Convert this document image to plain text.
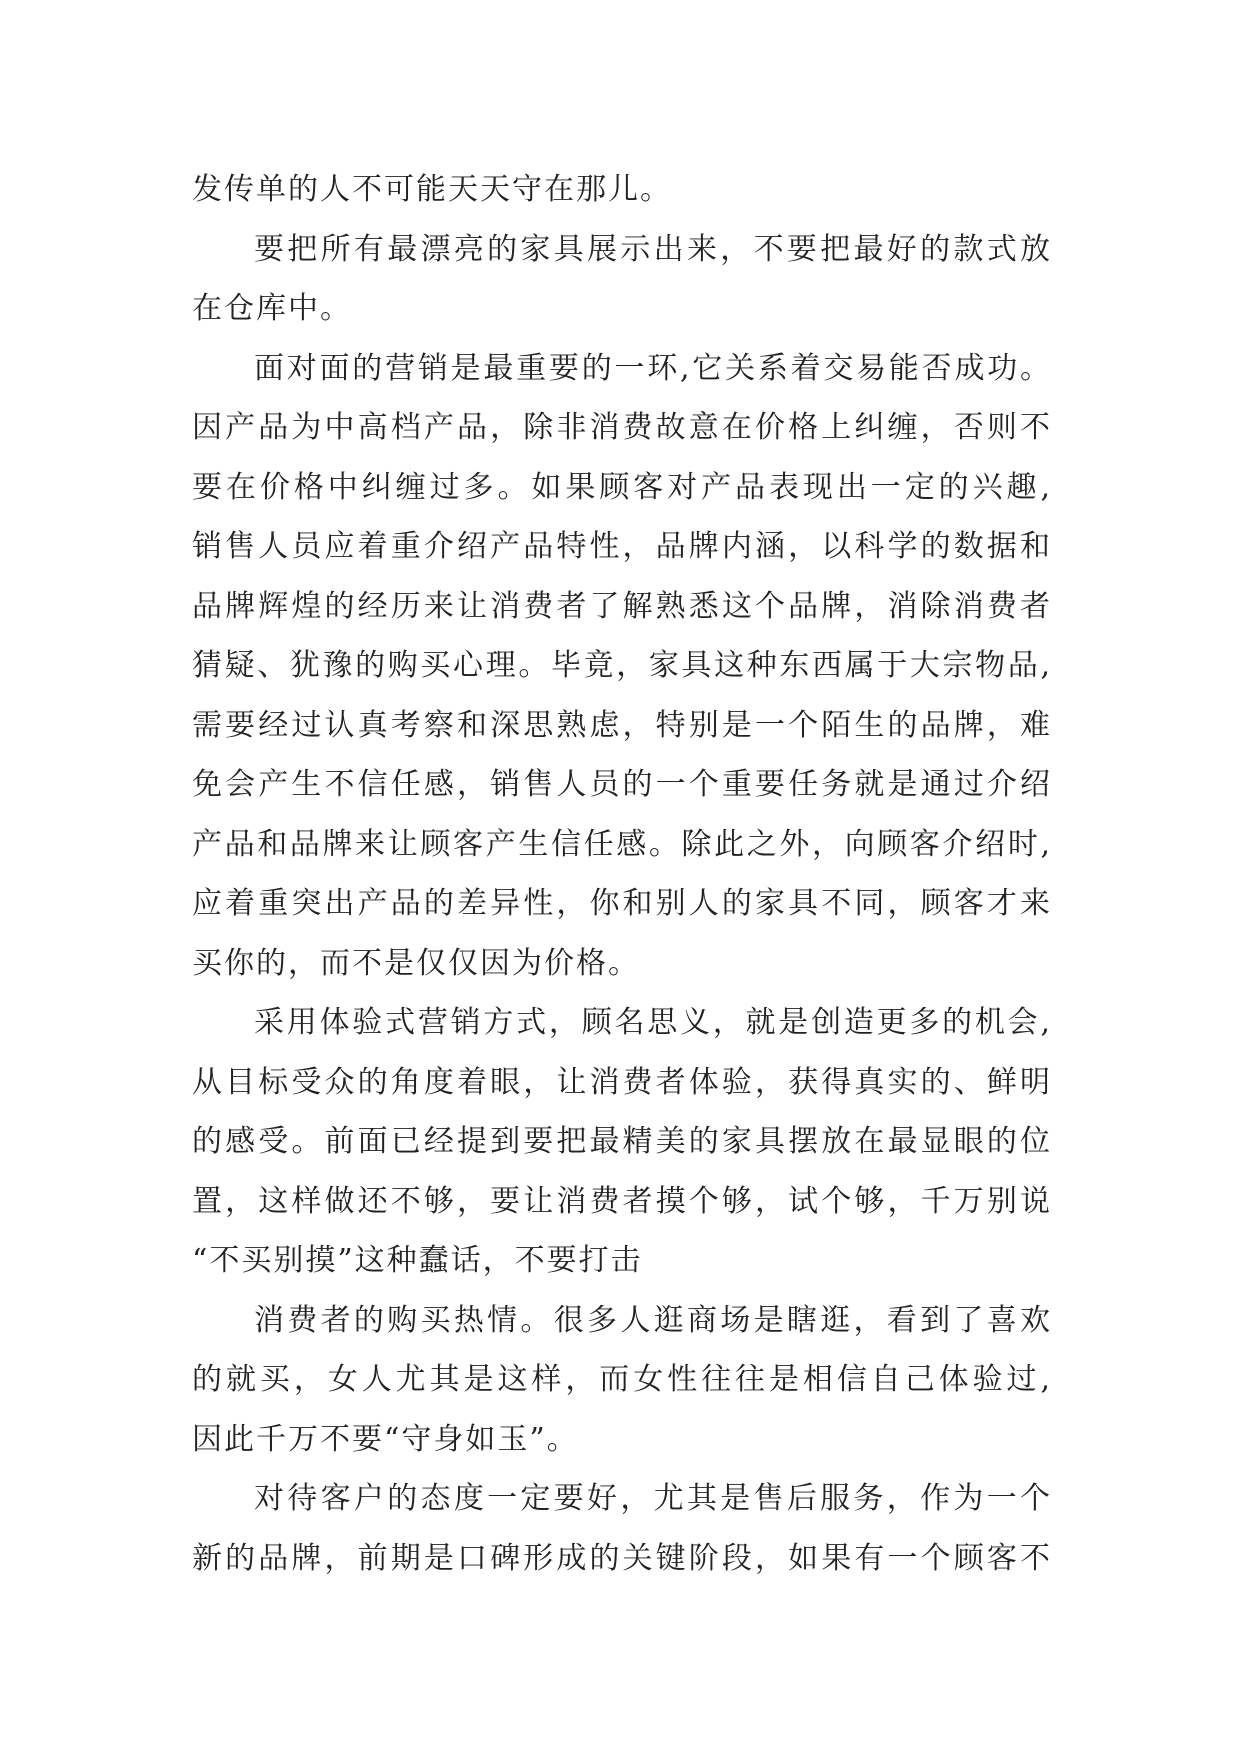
发传单的人不可能天天守在那儿。
要把所有最漂亮的家具展示出来，不要把最好的款式放
在仓库中。
面对面的营销是最重要的一环,它关系着交易能否成功。
因产品为中高档产品，除非消费故意在价格上纠缠，否则不
要在价格中纠缠过多。如果顾客对产品表现出一定的兴趣,
销售人员应着重介绍产品特性，品牌内涵，以科学的数据和
品牌辉煌的经历来让消费者了解熟悉这个品牌，消除消费者
猜疑、犹豫的购买心理。毕竟，家具这种东西属于大宗物品,
需要经过认真考察和深思熟虑，特别是一个陌生的品牌，难
免会产生不信任感，销售人员的一个重要任务就是通过介绍
产品和品牌来让顾客产生信任感。除此之外，向顾客介绍时,
应着重突出产品的差异性，你和别人的家具不同，顾客才来
买你的，而不是仅仅因为价格。
采用体验式营销方式，顾名思义，就是创造更多的机会,
从目标受众的角度着眼，让消费者体验，获得真实的、鲜明
的感受。前面已经提到要把最精美的家具摆放在最显眼的位
置，这样做还不够，要让消费者摸个够，试个够，千万别说
“不买别摸”这种蠢话，不要打击
消费者的购买热情。很多人逛商场是瞎逛，看到了喜欢
的就买，女人尤其是这样，而女性往往是相信自己体验过,
因此千万不要“守身如玉”。
对待客户的态度一定要好，尤其是售后服务，作为一个
新的品牌，前期是口碑形成的关键阶段，如果有一个顾客不
